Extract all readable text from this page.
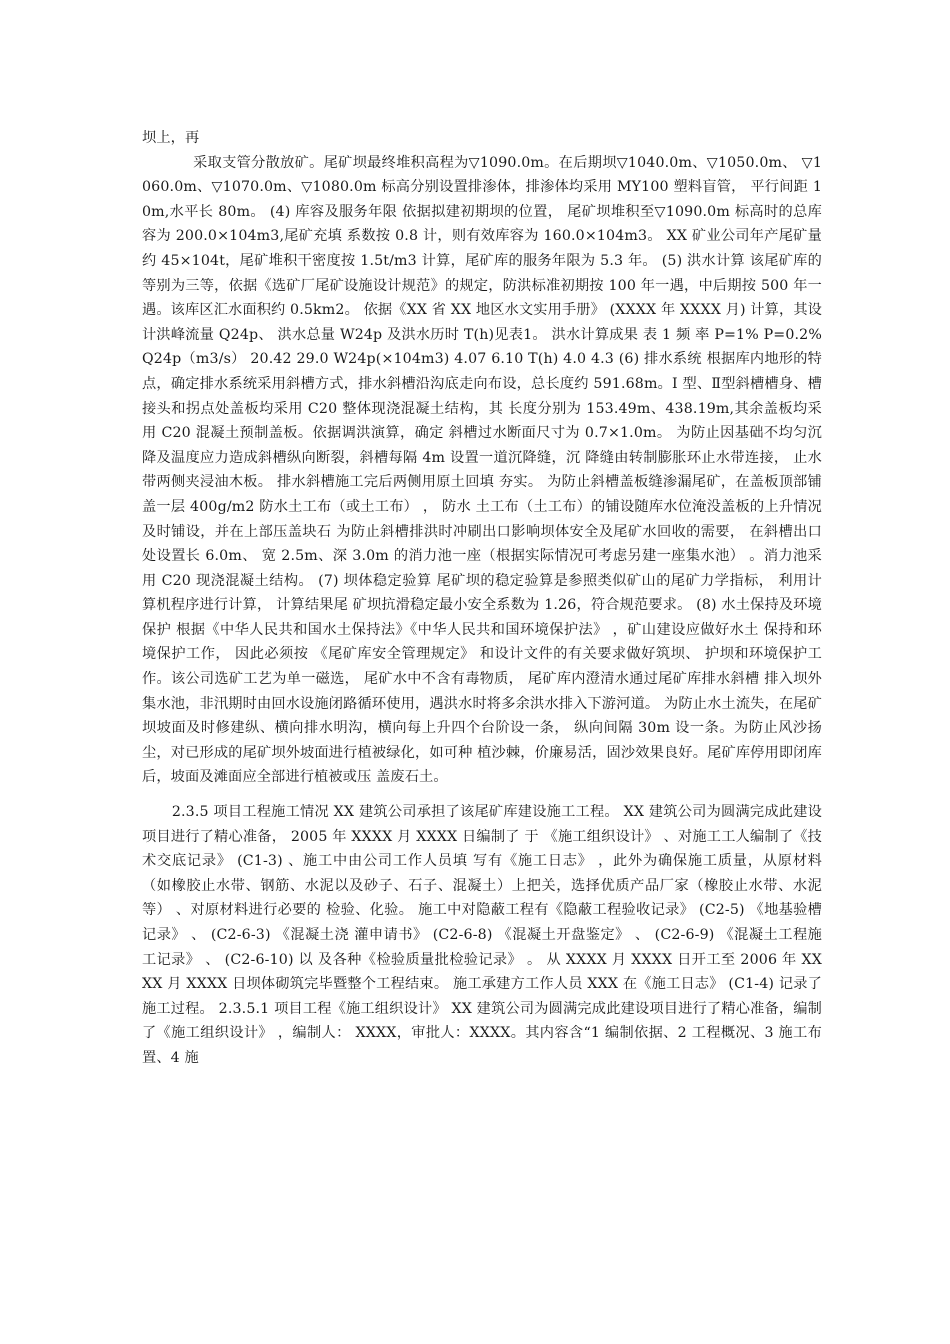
坝上，再

采取支管分散放矿。尾矿坝最终堆积高程为▽1090.0m。在后期坝▽1040.0m、▽1050.0m、 ▽1060.0m、▽1070.0m、▽1080.0m 标高分别设置排渗体，排渗体均采用 MY100 塑料盲管， 平行间距 10m,水平长 80m。 (4) 库容及服务年限 依据拟建初期坝的位置， 尾矿坝堆积至▽1090.0m 标高时的总库容为 200.0×104m3,尾矿充填 系数按 0.8 计，则有效库容为 160.0×104m3。 XX 矿业公司年产尾矿量约 45×104t，尾矿堆积干密度按 1.5t/m3 计算，尾矿库的服务年限为 5.3 年。 (5) 洪水计算 该尾矿库的等别为三等，依据《选矿厂尾矿设施设计规范》的规定，防洪标准初期按 100 年一遇，中后期按 500 年一遇。该库区汇水面积约 0.5km2。 依据《XX 省 XX 地区水文实用手册》 (XXXX 年 XXXX 月) 计算，其设计洪峰流量 Q24p、 洪水总量 W24p 及洪水历时 T(h)见表1。 洪水计算成果 表 1 频 率 P=1% P=0.2% Q24p（m3/s） 20.42 29.0 W24p(×104m3) 4.07 6.10 T(h) 4.0 4.3 (6) 排水系统 根据库内地形的特点，确定排水系统采用斜槽方式，排水斜槽沿沟底走向布设，总长度约 591.68m。I 型、Ⅱ型斜槽槽身、槽接头和拐点处盖板均采用 C20 整体现浇混凝土结构，其 长度分别为 153.49m、438.19m,其余盖板均采用 C20 混凝土预制盖板。依据调洪演算，确定 斜槽过水断面尺寸为 0.7×1.0m。 为防止因基础不均匀沉降及温度应力造成斜槽纵向断裂，斜槽每隔 4m 设置一道沉降缝，沉 降缝由转制膨胀环止水带连接， 止水带两侧夹浸油木板。 排水斜槽施工完后两侧用原土回填 夯实。 为防止斜槽盖板缝渗漏尾矿，在盖板顶部铺盖一层 400g/m2 防水土工布（或土工布） ， 防水 土工布（土工布）的铺设随库水位淹没盖板的上升情况及时铺设，并在上部压盖块石 为防止斜槽排洪时冲刷出口影响坝体安全及尾矿水回收的需要， 在斜槽出口处设置长 6.0m、 宽 2.5m、深 3.0m 的消力池一座（根据实际情况可考虑另建一座集水池） 。消力池采用 C20 现浇混凝土结构。 (7) 坝体稳定验算 尾矿坝的稳定验算是参照类似矿山的尾矿力学指标， 利用计算机程序进行计算， 计算结果尾 矿坝抗滑稳定最小安全系数为 1.26，符合规范要求。 (8) 水土保持及环境保护 根据《中华人民共和国水土保持法》《中华人民共和国环境保护法》 ，矿山建设应做好水土 保持和环境保护工作， 因此必须按 《尾矿库安全管理规定》 和设计文件的有关要求做好筑坝、 护坝和环境保护工作。该公司选矿工艺为单一磁选， 尾矿水中不含有毒物质， 尾矿库内澄清水通过尾矿库排水斜槽 排入坝外集水池，非汛期时由回水设施闭路循环使用，遇洪水时将多余洪水排入下游河道。 为防止水土流失，在尾矿坝坡面及时修建纵、横向排水明沟，横向每上升四个台阶设一条， 纵向间隔 30m 设一条。为防止风沙扬尘，对已形成的尾矿坝外坡面进行植被绿化，如可种 植沙棘，价廉易活，固沙效果良好。尾矿库停用即闭库后，坡面及滩面应全部进行植被或压 盖废石土。

2.3.5 项目工程施工情况 XX 建筑公司承担了该尾矿库建设施工工程。 XX 建筑公司为圆满完成此建设项目进行了精心准备， 2005 年 XXXX 月 XXXX 日编制了 于 《施工组织设计》 、对施工工人编制了《技术交底记录》 (C1-3) 、施工中由公司工作人员填 写有《施工日志》 ，此外为确保施工质量，从原材料（如橡胶止水带、钢筋、水泥以及砂子、石子、混凝土）上把关，选择优质产品厂家（橡胶止水带、水泥等） 、对原材料进行必要的 检验、化验。 施工中对隐蔽工程有《隐蔽工程验收记录》 (C2-5) 《地基验槽记录》 、 (C2-6-3) 《混凝土浇 灌申请书》 (C2-6-8) 《混凝土开盘鉴定》 、 (C2-6-9) 《混凝土工程施工记录》 、 (C2-6-10) 以 及各种《检验质量批检验记录》 。 从 XXXX 月 XXXX 日开工至 2006 年 XXXX 月 XXXX 日坝体砌筑完毕暨整个工程结束。 施工承建方工作人员 XXX 在《施工日志》 (C1-4) 记录了施工过程。 2.3.5.1 项目工程《施工组织设计》 XX 建筑公司为圆满完成此建设项目进行了精心准备，编制了《施工组织设计》 ，编制人： XXXX，审批人：XXXX。其内容含“1 编制依据、2 工程概况、3 施工布置、4 施
